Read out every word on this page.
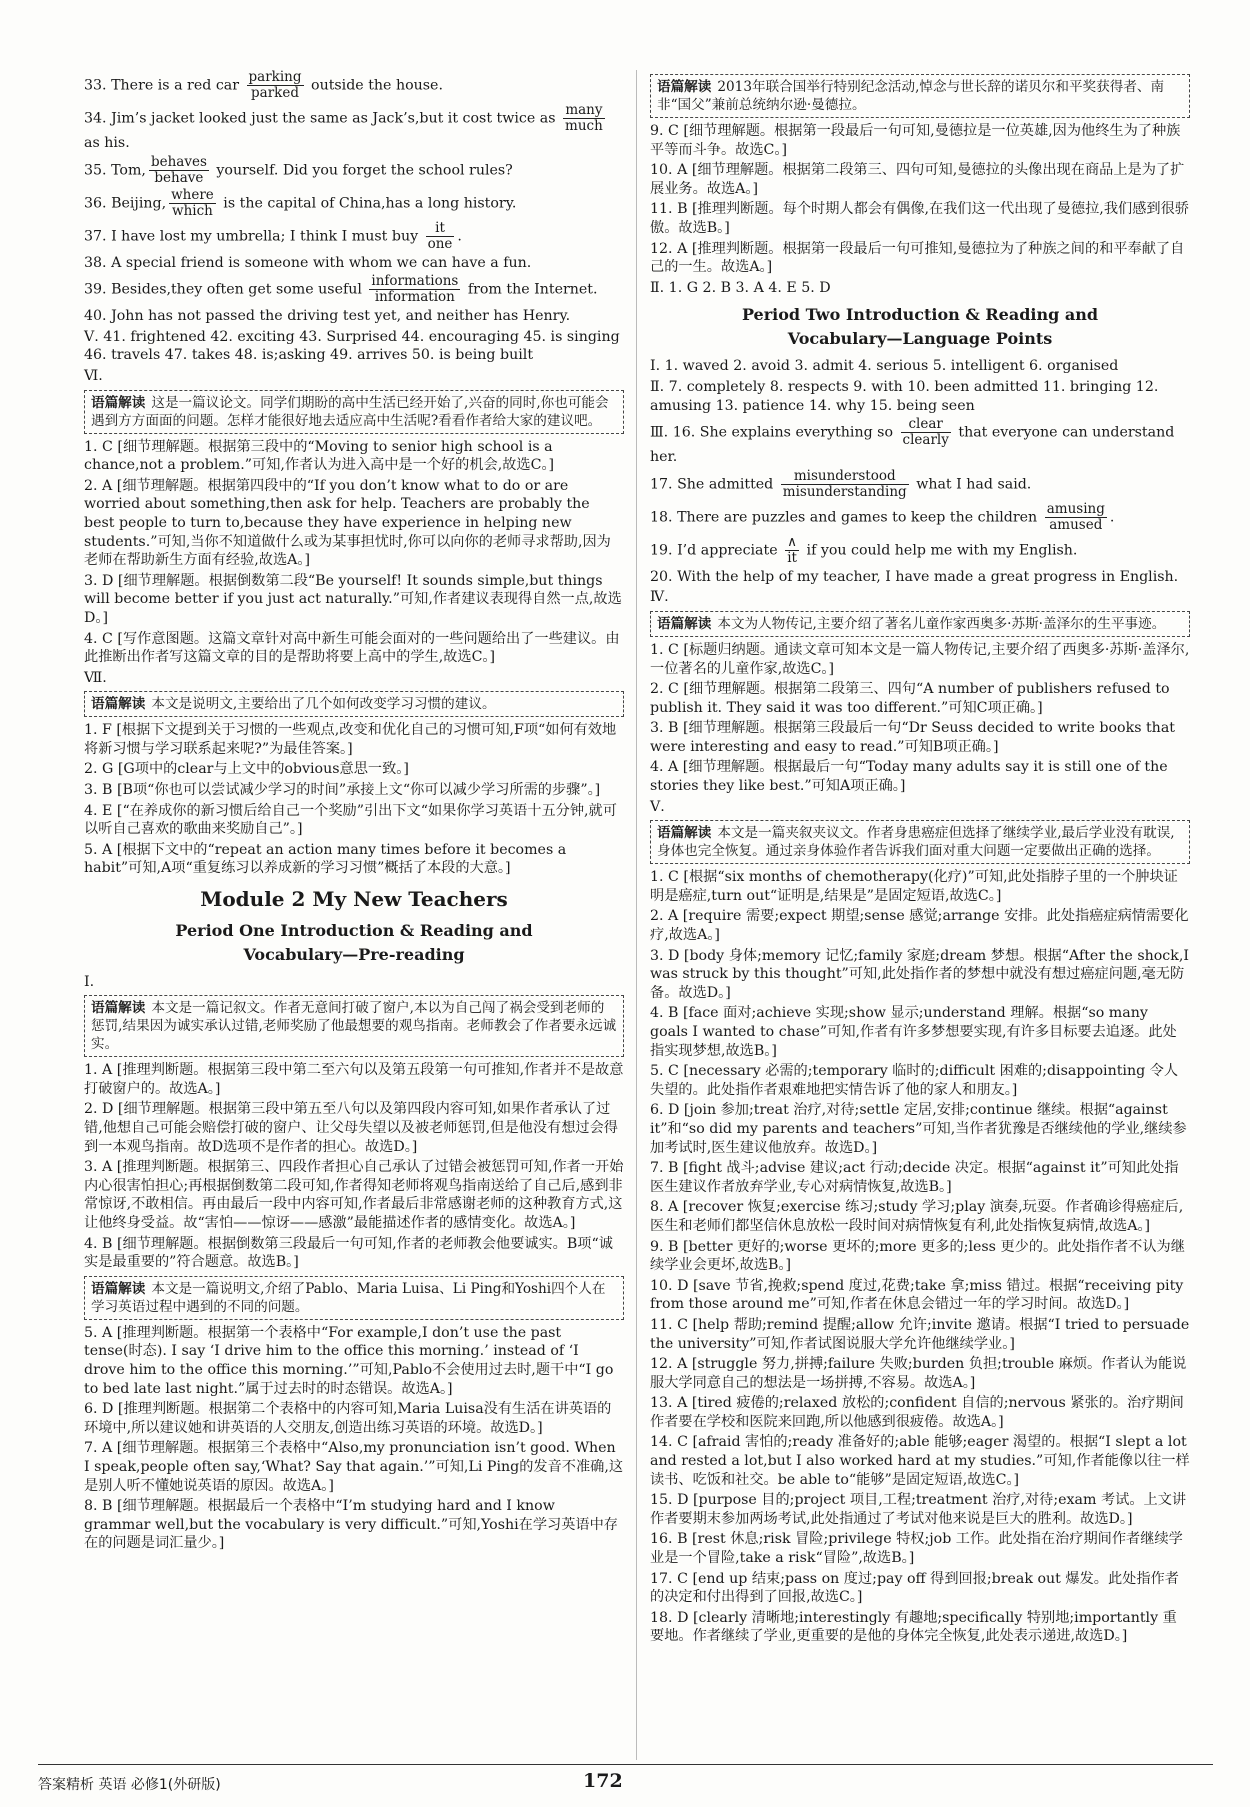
33. There is a red car
parking
parked outside the house.
34. Jim’s jacket looked just the same as Jack’s,but it cost twice as
many
much
as his.
35. Tom,
behaves
behave yourself. Did you forget the school rules?
36. Beijing,
where
which is the capital of China,has a long history.
37. I have lost my umbrella; I think I must buy
it
one .
38. A special friend is someone with whom we can have a fun.
39. Besides,they often get some useful
informations
information from the Internet.
40. John has not passed the driving test yet, and neither has Henry.
Ⅴ. 41. frightened 42. exciting 43. Surprised 44. encouraging 45. is singing 46. travels 47. takes 48. is;asking 49. arrives 50. is being built
Ⅵ.
语篇解读 这是一篇议论文。同学们期盼的高中生活已经开始了,兴奋的同时,你也可能会遇到方方面面的问题。怎样才能很好地去适应高中生活呢?看看作者给大家的建议吧。
1. C [细节理解题。根据第三段中的“Moving to senior high school is a chance,not a problem.”可知,作者认为进入高中是一个好的机会,故选C。]
2. A [细节理解题。根据第四段中的“If you don’t know what to do or are worried about something,then ask for help. Teachers are probably the best people to turn to,because they have experience in helping new students.”可知,当你不知道做什么或为某事担忧时,你可以向你的老师寻求帮助,因为老师在帮助新生方面有经验,故选A。]
3. D [细节理解题。根据倒数第二段“Be yourself! It sounds simple,but things will become better if you just act naturally.”可知,作者建议表现得自然一点,故选D。]
4. C [写作意图题。这篇文章针对高中新生可能会面对的一些问题给出了一些建议。由此推断出作者写这篇文章的目的是帮助将要上高中的学生,故选C。]
Ⅶ.
语篇解读 本文是说明文,主要给出了几个如何改变学习习惯的建议。
1. F [根据下文提到关于习惯的一些观点,改变和优化自己的习惯可知,F项“如何有效地将新习惯与学习联系起来呢?”为最佳答案。]
2. G [G项中的clear与上文中的obvious意思一致。]
3. B [B项“你也可以尝试减少学习的时间”承接上文“你可以减少学习所需的步骤”。]
4. E [“在养成你的新习惯后给自己一个奖励”引出下文“如果你学习英语十五分钟,就可以听自己喜欢的歌曲来奖励自己”。]
5. A [根据下文中的“repeat an action many times before it becomes a habit”可知,A项“重复练习以养成新的学习习惯”概括了本段的大意。]
Module 2 My New Teachers
Period One Introduction & Reading and
Vocabulary—Pre-reading
Ⅰ.
语篇解读 本文是一篇记叙文。作者无意间打破了窗户,本以为自己闯了祸会受到老师的惩罚,结果因为诚实承认过错,老师奖励了他最想要的观鸟指南。老师教会了作者要永远诚实。
1. A [推理判断题。根据第三段中第二至六句以及第五段第一句可推知,作者并不是故意打破窗户的。故选A。]
2. D [细节理解题。根据第三段中第五至八句以及第四段内容可知,如果作者承认了过错,他想自己可能会赔偿打破的窗户、让父母失望以及被老师惩罚,但是他没有想过会得到一本观鸟指南。故D选项不是作者的担心。故选D。]
3. A [推理判断题。根据第三、四段作者担心自己承认了过错会被惩罚可知,作者一开始内心很害怕担心;再根据倒数第二段可知,作者得知老师将观鸟指南送给了自己后,感到非常惊讶,不敢相信。再由最后一段中内容可知,作者最后非常感谢老师的这种教育方式,这让他终身受益。故“害怕——惊讶——感激”最能描述作者的感情变化。故选A。]
4. B [细节理解题。根据倒数第三段最后一句可知,作者的老师教会他要诚实。B项“诚实是最重要的”符合题意。故选B。]
语篇解读 本文是一篇说明文,介绍了Pablo、Maria Luisa、Li Ping和Yoshi四个人在学习英语过程中遇到的不同的问题。
5. A [推理判断题。根据第一个表格中“For example,I don’t use the past tense(时态). I say ‘I drive him to the office this morning.’ instead of ‘I drove him to the office this morning.’”可知,Pablo不会使用过去时,题干中“I go to bed late last night.”属于过去时的时态错误。故选A。]
6. D [推理判断题。根据第二个表格中的内容可知,Maria Luisa没有生活在讲英语的环境中,所以建议她和讲英语的人交朋友,创造出练习英语的环境。故选D。]
7. A [细节理解题。根据第三个表格中“Also,my pronunciation isn’t good. When I speak,people often say,‘What? Say that again.’”可知,Li Ping的发音不准确,这是别人听不懂她说英语的原因。故选A。]
8. B [细节理解题。根据最后一个表格中“I’m studying hard and I know grammar well,but the vocabulary is very difficult.”可知,Yoshi在学习英语中存在的问题是词汇量少。]
语篇解读 2013年联合国举行特别纪念活动,悼念与世长辞的诺贝尔和平奖获得者、南非“国父”兼前总统纳尔逊·曼德拉。
9. C [细节理解题。根据第一段最后一句可知,曼德拉是一位英雄,因为他终生为了种族平等而斗争。故选C。]
10. A [细节理解题。根据第二段第三、四句可知,曼德拉的头像出现在商品上是为了扩展业务。故选A。]
11. B [推理判断题。每个时期人都会有偶像,在我们这一代出现了曼德拉,我们感到很骄傲。故选B。]
12. A [推理判断题。根据第一段最后一句可推知,曼德拉为了种族之间的和平奉献了自己的一生。故选A。]
Ⅱ. 1. G 2. B 3. A 4. E 5. D
Period Two Introduction & Reading and
Vocabulary—Language Points
Ⅰ. 1. waved 2. avoid 3. admit 4. serious 5. intelligent 6. organised
Ⅱ. 7. completely 8. respects 9. with 10. been admitted 11. bringing 12. amusing 13. patience 14. why 15. being seen
Ⅲ. 16. She explains everything so
clear
clearly that everyone can understand her.
17. She admitted
misunderstood
misunderstanding what I had said.
18. There are puzzles and games to keep the children
amusing
amused .
19. I’d appreciate
∧
it if you could help me with my English.
20. With the help of my teacher, I have made a great progress in English.
Ⅳ.
语篇解读 本文为人物传记,主要介绍了著名儿童作家西奥多·苏斯·盖泽尔的生平事迹。
1. C [标题归纳题。通读文章可知本文是一篇人物传记,主要介绍了西奥多·苏斯·盖泽尔,一位著名的儿童作家,故选C。]
2. C [细节理解题。根据第二段第三、四句“A number of publishers refused to publish it. They said it was too different.”可知C项正确。]
3. B [细节理解题。根据第三段最后一句“Dr Seuss decided to write books that were interesting and easy to read.”可知B项正确。]
4. A [细节理解题。根据最后一句“Today many adults say it is still one of the stories they like best.”可知A项正确。]
Ⅴ.
语篇解读 本文是一篇夹叙夹议文。作者身患癌症但选择了继续学业,最后学业没有耽误,身体也完全恢复。通过亲身体验作者告诉我们面对重大问题一定要做出正确的选择。
1. C [根据“six months of chemotherapy(化疗)”可知,此处指脖子里的一个肿块证明是癌症,turn out“证明是,结果是”是固定短语,故选C。]
2. A [require 需要;expect 期望;sense 感觉;arrange 安排。此处指癌症病情需要化疗,故选A。]
3. D [body 身体;memory 记忆;family 家庭;dream 梦想。根据“After the shock,I was struck by this thought”可知,此处指作者的梦想中就没有想过癌症问题,毫无防备。故选D。]
4. B [face 面对;achieve 实现;show 显示;understand 理解。根据“so many goals I wanted to chase”可知,作者有许多梦想要实现,有许多目标要去追逐。此处指实现梦想,故选B。]
5. C [necessary 必需的;temporary 临时的;difficult 困难的;disappointing 令人失望的。此处指作者艰难地把实情告诉了他的家人和朋友。]
6. D [join 参加;treat 治疗,对待;settle 定居,安排;continue 继续。根据“against it”和“so did my parents and teachers”可知,当作者犹豫是否继续他的学业,继续参加考试时,医生建议他放弃。故选D。]
7. B [fight 战斗;advise 建议;act 行动;decide 决定。根据“against it”可知此处指医生建议作者放弃学业,专心对病情恢复,故选B。]
8. A [recover 恢复;exercise 练习;study 学习;play 演奏,玩耍。作者确诊得癌症后,医生和老师们都坚信休息放松一段时间对病情恢复有利,此处指恢复病情,故选A。]
9. B [better 更好的;worse 更坏的;more 更多的;less 更少的。此处指作者不认为继续学业会更坏,故选B。]
10. D [save 节省,挽救;spend 度过,花费;take 拿;miss 错过。根据“receiving pity from those around me”可知,作者在休息会错过一年的学习时间。故选D。]
11. C [help 帮助;remind 提醒;allow 允许;invite 邀请。根据“I tried to persuade the university”可知,作者试图说服大学允许他继续学业。]
12. A [struggle 努力,拼搏;failure 失败;burden 负担;trouble 麻烦。作者认为能说服大学同意自己的想法是一场拼搏,不容易。故选A。]
13. A [tired 疲倦的;relaxed 放松的;confident 自信的;nervous 紧张的。治疗期间作者要在学校和医院来回跑,所以他感到很疲倦。故选A。]
14. C [afraid 害怕的;ready 准备好的;able 能够;eager 渴望的。根据“I slept a lot and rested a lot,but I also worked hard at my studies.”可知,作者能像以往一样读书、吃饭和社交。be able to“能够”是固定短语,故选C。]
15. D [purpose 目的;project 项目,工程;treatment 治疗,对待;exam 考试。上文讲作者要期末参加两场考试,此处指通过了考试对他来说是巨大的胜利。故选D。]
16. B [rest 休息;risk 冒险;privilege 特权;job 工作。此处指在治疗期间作者继续学业是一个冒险,take a risk“冒险”,故选B。]
17. C [end up 结束;pass on 度过;pay off 得到回报;break out 爆发。此处指作者的决定和付出得到了回报,故选C。]
18. D [clearly 清晰地;interestingly 有趣地;specifically 特别地;importantly 重要地。作者继续了学业,更重要的是他的身体完全恢复,此处表示递进,故选D。]
答案精析 英语 必修1(外研版)	172
